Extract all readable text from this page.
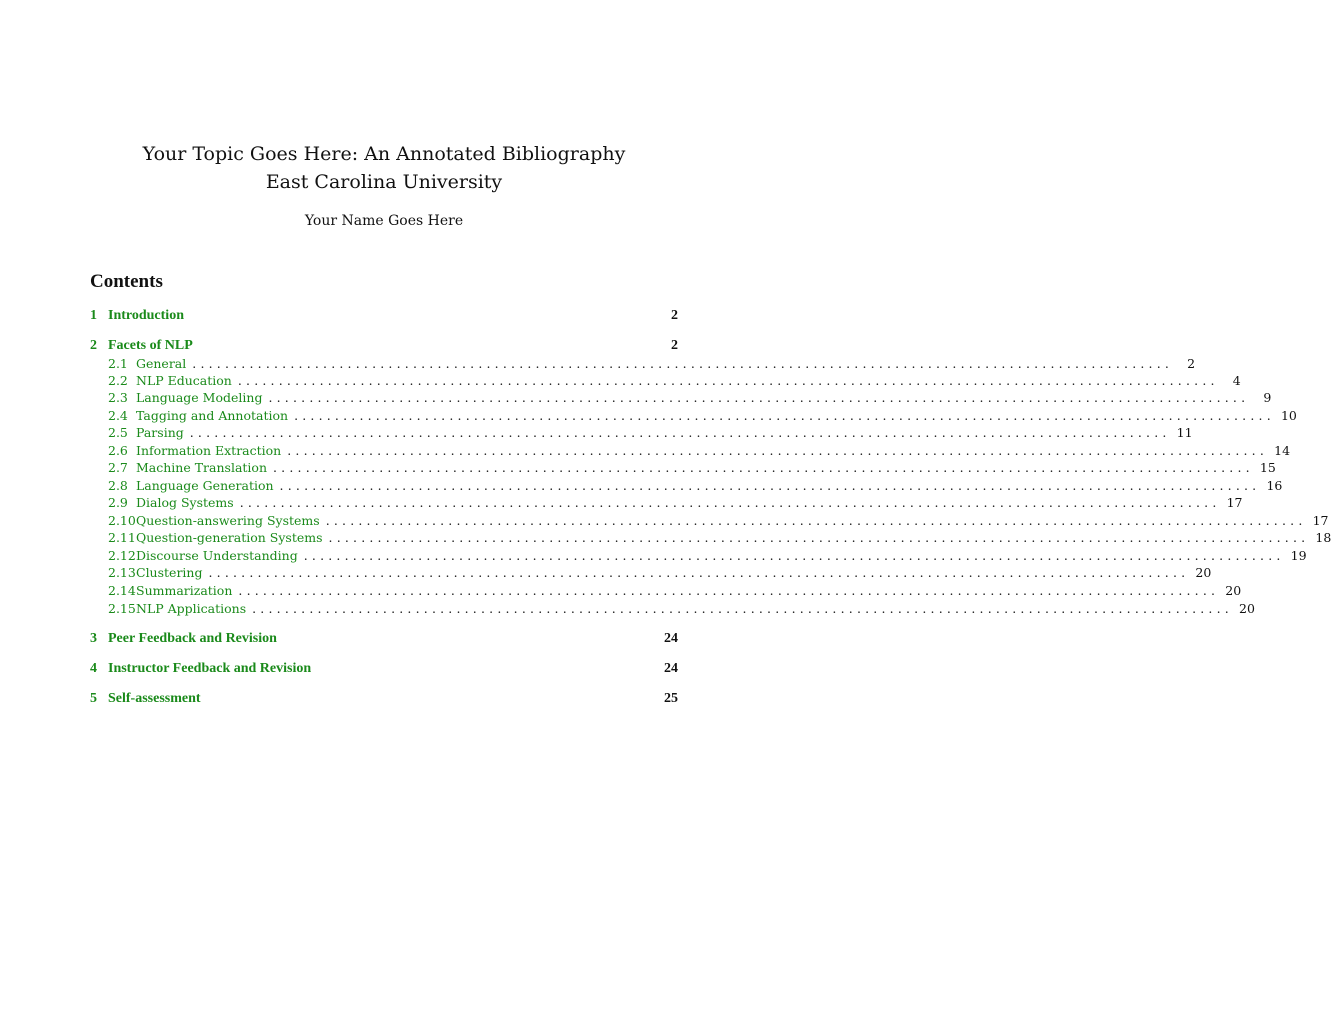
Your Topic Goes Here: An Annotated Bibliography
East Carolina University
Your Name Goes Here
Contents
1 Introduction	2
2 Facets of NLP	2
2.1 General ........................................................................................................................	2
2.2 NLP Education ........................................................................................................................	4
2.3 Language Modeling ........................................................................................................................	9
2.4 Tagging and Annotation ........................................................................................................................ 10
2.5 Parsing ........................................................................................................................ 11
2.6 Information Extraction ........................................................................................................................ 14
2.7 Machine Translation ........................................................................................................................ 15
2.8 Language Generation ........................................................................................................................ 16
2.9 Dialog Systems ........................................................................................................................ 17
2.10 Question-answering Systems ........................................................................................................................ 17
2.11 Question-generation Systems ........................................................................................................................ 18
2.12 Discourse Understanding ........................................................................................................................ 19
2.13 Clustering ........................................................................................................................ 20
2.14 Summarization ........................................................................................................................ 20
2.15 NLP Applications ........................................................................................................................ 20
3 Peer Feedback and Revision	24
4 Instructor Feedback and Revision	24
5 Self-assessment	25
